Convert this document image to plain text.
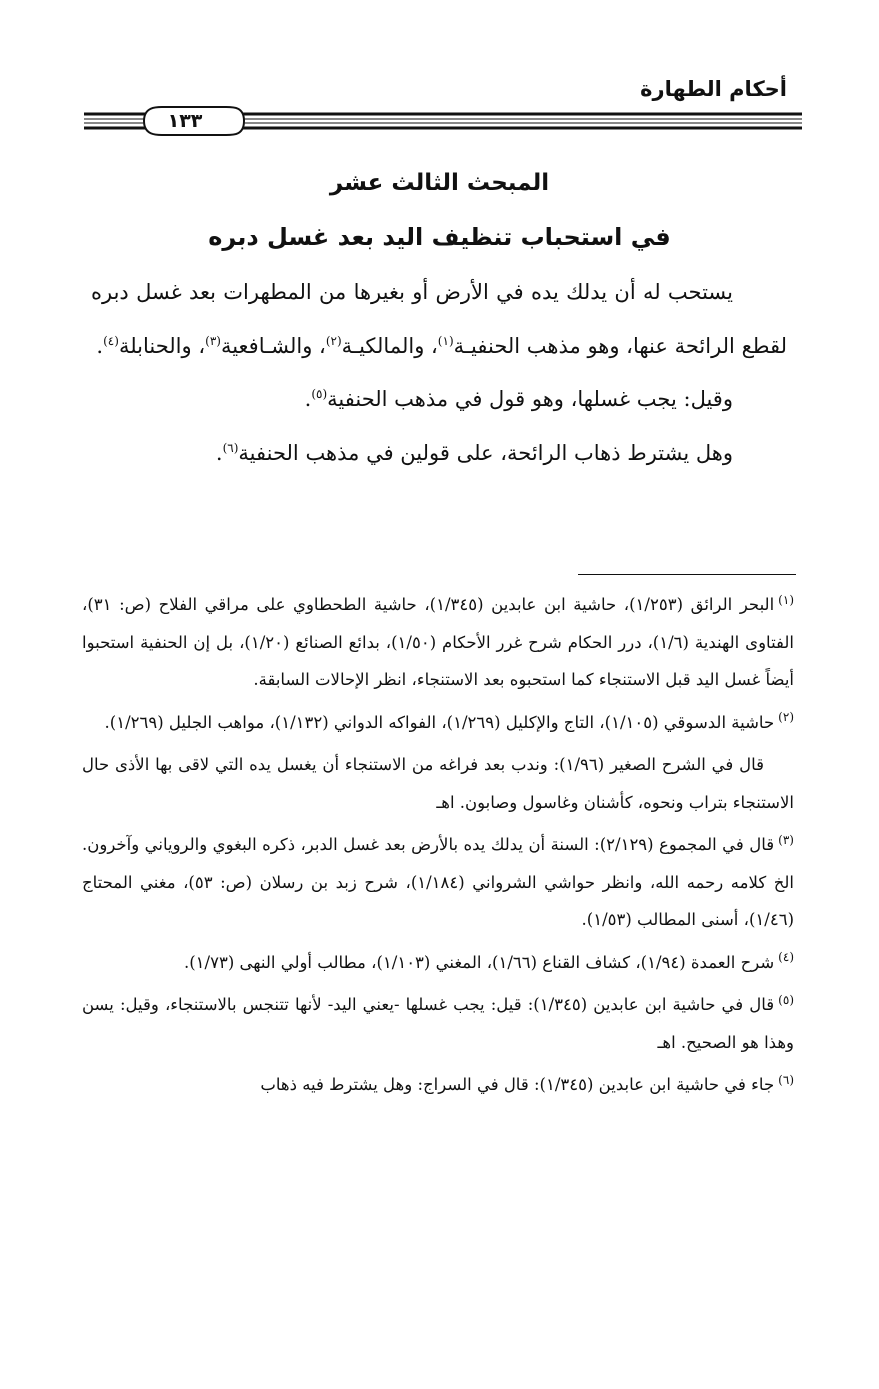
أحكام الطهارة
١٣٣
المبحث الثالث عشر
في استحباب تنظيف اليد بعد غسل دبره

يستحب له أن يدلك يده في الأرض أو بغيرها من المطهرات بعد غسل دبره لقطع الرائحة عنها، وهو مذهب الحنفيـة$^{(١)}$، والمالكيـة$^{(٢)}$، والشـافعية$^{(٣)}$، والحنابلة$^{(٤)}$.

وقيل: يجب غسلها، وهو قول في مذهب الحنفية$^{(٥)}$.

وهل يشترط ذهاب الرائحة، على قولين في مذهب الحنفية$^{(٦)}$.

$^{(١)}$البحر الرائق (١/٢٥٣)، حاشية ابن عابدين (١/٣٤٥)، حاشية الطحطاوي على مراقي الفلاح (ص: ٣١)، الفتاوى الهندية (١/٦)، درر الحكام شرح غرر الأحكام (١/٥٠)، بدائع الصنائع (١/٢٠)، بل إن الحنفية استحبوا أيضاً غسل اليد قبل الاستنجاء كما استحبوه بعد الاستنجاء، انظر الإحالات السابقة.

$^{(٢)}$حاشية الدسوقي (١/١٠٥)، التاج والإكليل (١/٢٦٩)، الفواكه الدواني (١/١٣٢)، مواهب الجليل (١/٢٦٩).

قال في الشرح الصغير (١/٩٦): وندب بعد فراغه من الاستنجاء أن يغسل يده التي لاقى بها الأذى حال الاستنجاء بتراب ونحوه، كأشنان وغاسول وصابون. اهـ

$^{(٣)}$قال في المجموع (٢/١٢٩): السنة أن يدلك يده بالأرض بعد غسل الدبر، ذكره البغوي والروياني وآخرون. الخ كلامه رحمه الله، وانظر حواشي الشرواني (١/١٨٤)، شرح زبد بن رسلان (ص: ٥٣)، مغني المحتاج (١/٤٦)، أسنى المطالب (١/٥٣).

$^{(٤)}$شرح العمدة (١/٩٤)، كشاف القناع (١/٦٦)، المغني (١/١٠٣)، مطالب أولي النهى (١/٧٣).

$^{(٥)}$قال في حاشية ابن عابدين (١/٣٤٥): قيل: يجب غسلها -يعني اليد- لأنها تتنجس بالاستنجاء، وقيل: يسن وهذا هو الصحيح. اهـ

$^{(٦)}$جاء في حاشية ابن عابدين (١/٣٤٥): قال في السراج: وهل يشترط فيه ذهاب
